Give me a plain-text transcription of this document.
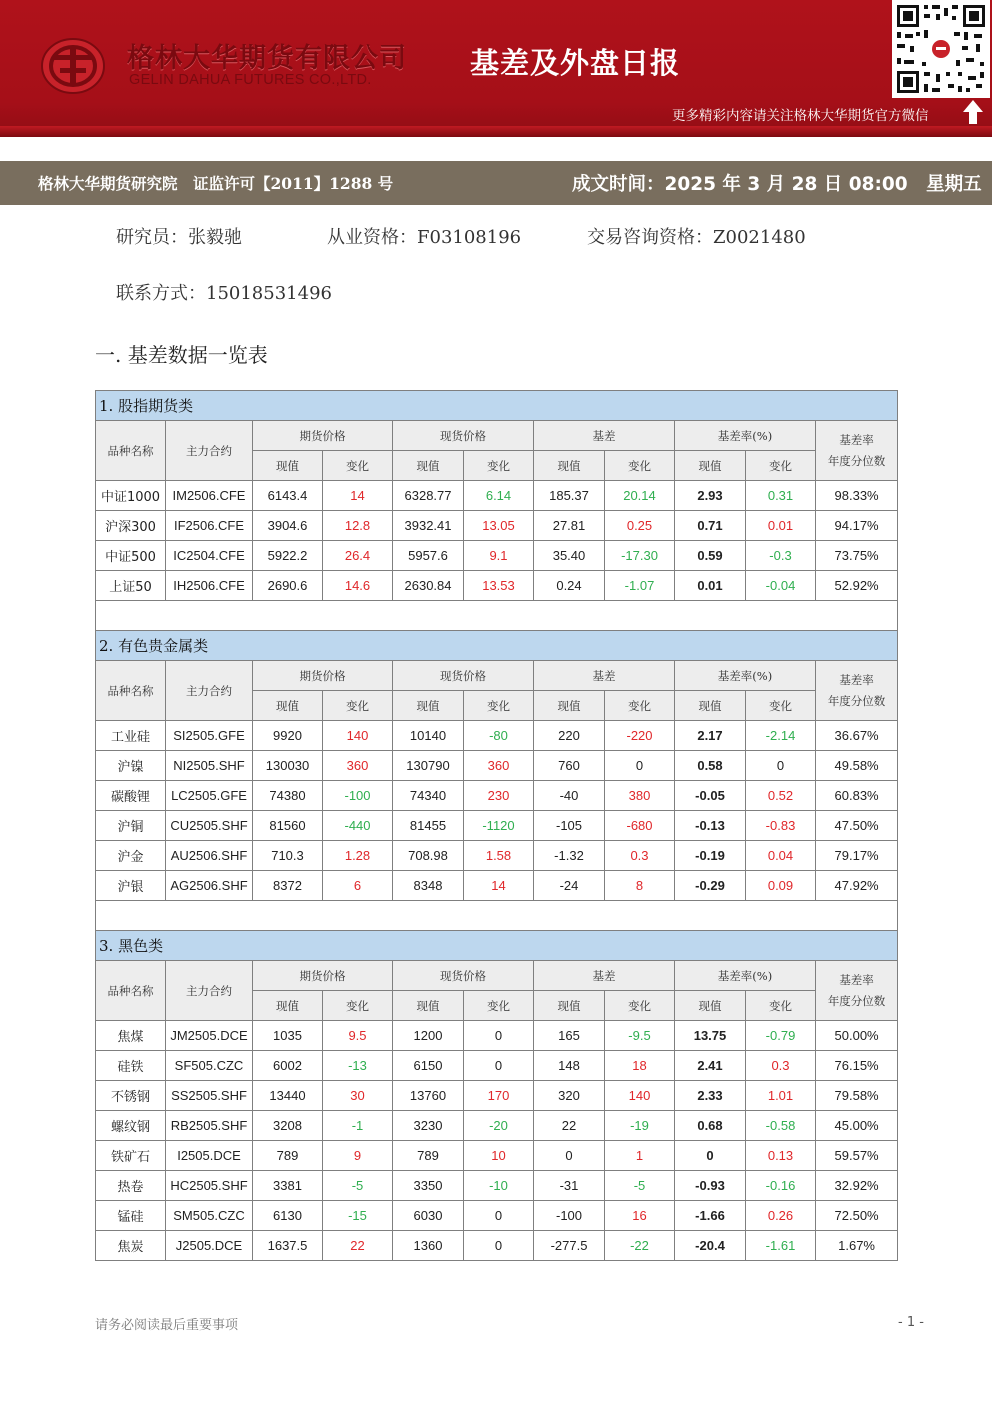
格林大华期货有限公司
GELIN DAHUA FUTURES CO.,LTD.	基差及外盘日报
更多精彩内容请关注格林大华期货官方微信
格林大华期货研究院　证监许可【2011】1288 号	成文时间：2025 年 3 月 28 日 08:00　星期五
研究员：张毅驰	从业资格：F03108196	交易咨询资格：Z0021480
联系方式：15018531496
一. 基差数据一览表
1. 股指期货类										
品种名称	主力合约	期货价格		现货价格		基差		基差率(%)		基差率
年度分位数

		现值	变化	现值	变化	现值	变化	现值	变化	
中证1000	IM2506.CFE	6143.4	14	6328.77	6.14	185.37	20.14	2.93	0.31	98.33%
沪深300	IF2506.CFE	3904.6	12.8	3932.41	13.05	27.81	0.25	0.71	0.01	94.17%
中证500	IC2504.CFE	5922.2	26.4	5957.6	9.1	35.40	-17.30	0.59	-0.3	73.75%
上证50	IH2506.CFE	2690.6	14.6	2630.84	13.53	0.24	-1.07	0.01	-0.04	52.92%

2. 有色贵金属类										
品种名称	主力合约	期货价格		现货价格		基差		基差率(%)		基差率
年度分位数

		现值	变化	现值	变化	现值	变化	现值	变化	
工业硅	SI2505.GFE	9920	140	10140	-80	220	-220	2.17	-2.14	36.67%
沪镍	NI2505.SHF	130030	360	130790	360	760	0	0.58	0	49.58%
碳酸锂	LC2505.GFE	74380	-100	74340	230	-40	380	-0.05	0.52	60.83%
沪铜	CU2505.SHF	81560	-440	81455	-1120	-105	-680	-0.13	-0.83	47.50%
沪金	AU2506.SHF	710.3	1.28	708.98	1.58	-1.32	0.3	-0.19	0.04	79.17%
沪银	AG2506.SHF	8372	6	8348	14	-24	8	-0.29	0.09	47.92%

3. 黑色类										
品种名称	主力合约	期货价格		现货价格		基差		基差率(%)		基差率
年度分位数

		现值	变化	现值	变化	现值	变化	现值	变化	
焦煤	JM2505.DCE	1035	9.5	1200	0	165	-9.5	13.75	-0.79	50.00%
硅铁	SF505.CZC	6002	-13	6150	0	148	18	2.41	0.3	76.15%
不锈钢	SS2505.SHF	13440	30	13760	170	320	140	2.33	1.01	79.58%
螺纹钢	RB2505.SHF	3208	-1	3230	-20	22	-19	0.68	-0.58	45.00%
铁矿石	I2505.DCE	789	9	789	10	0	1	0	0.13	59.57%
热卷	HC2505.SHF	3381	-5	3350	-10	-31	-5	-0.93	-0.16	32.92%
锰硅	SM505.CZC	6130	-15	6030	0	-100	16	-1.66	0.26	72.50%
焦炭	J2505.DCE	1637.5	22	1360	0	-277.5	-22	-20.4	-1.61	1.67%
请务必阅读最后重要事项	- 1 -
